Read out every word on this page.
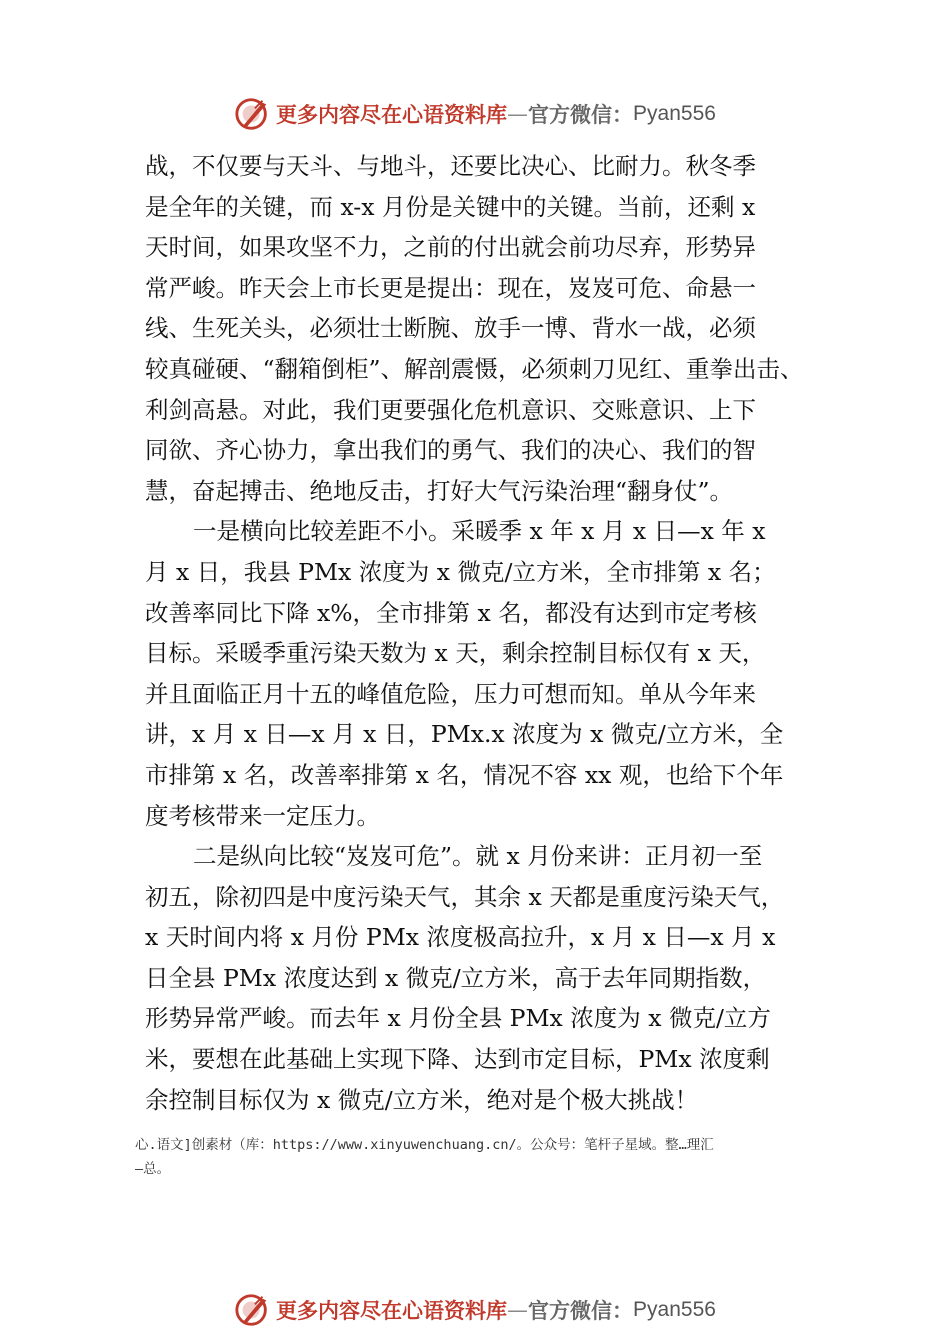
更多内容尽在心语资料库 — 官方微信： Pyan556
战，不仅要与天斗、与地斗，还要比决心、比耐力。秋冬季
是全年的关键，而 x-x 月份是关键中的关键。当前，还剩 x
天时间，如果攻坚不力，之前的付出就会前功尽弃，形势异
常严峻。昨天会上市长更是提出：现在，岌岌可危、命悬一
线、生死关头，必须壮士断腕、放手一博、背水一战，必须
较真碰硬、“翻箱倒柜”、解剖震慑，必须刺刀见红、重拳出击、
利剑高悬。对此，我们更要强化危机意识、交账意识、上下
同欲、齐心协力，拿出我们的勇气、我们的决心、我们的智
慧，奋起搏击、绝地反击，打好大气污染治理“翻身仗”。
一是横向比较差距不小。采暖季 x 年 x 月 x 日—x 年 x
月 x 日，我县 PMx 浓度为 x 微克/立方米，全市排第 x 名；
改善率同比下降 x%，全市排第 x 名，都没有达到市定考核
目标。采暖季重污染天数为 x 天，剩余控制目标仅有 x 天，
并且面临正月十五的峰值危险，压力可想而知。单从今年来
讲，x 月 x 日—x 月 x 日，PMx.x 浓度为 x 微克/立方米，全
市排第 x 名，改善率排第 x 名，情况不容 xx 观，也给下个年
度考核带来一定压力。
二是纵向比较“岌岌可危”。就 x 月份来讲：正月初一至
初五，除初四是中度污染天气，其余 x 天都是重度污染天气，
x 天时间内将 x 月份 PMx 浓度极高拉升，x 月 x 日—x 月 x
日全县 PMx 浓度达到 x 微克/立方米，高于去年同期指数，
形势异常严峻。而去年 x 月份全县 PMx 浓度为 x 微克/立方
米，要想在此基础上实现下降、达到市定目标，PMx 浓度剩
余控制目标仅为 x 微克/立方米，绝对是个极大挑战！
心.语文]创素材（库：https://www.xinyuwenchuang.cn/。公众号：笔杆子星域。整…理汇
—总。
更多内容尽在心语资料库 — 官方微信： Pyan556
